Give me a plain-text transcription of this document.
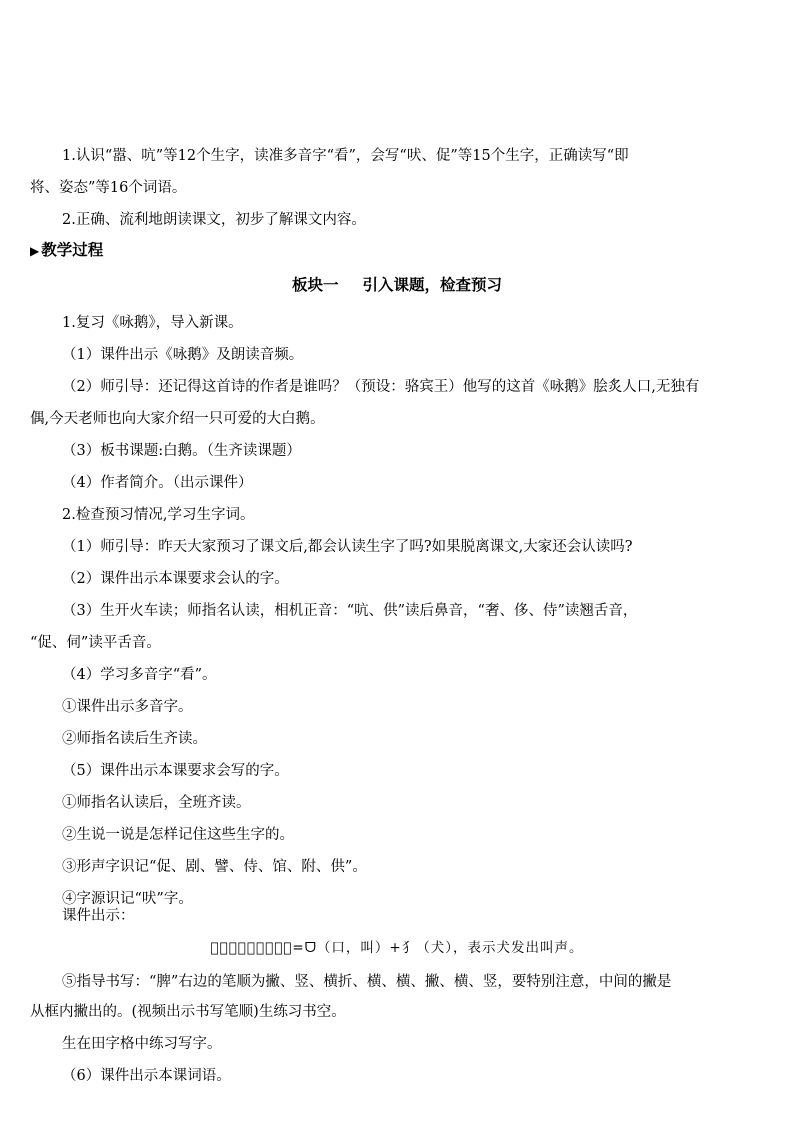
1.认识“嚣、吭”等12个生字，读准多音字“看”，会写“吠、促”等15个生字，正确读写“即

将、姿态”等16个词语。

2.正确、流利地朗读课文，初步了解课文内容。

▶ 教学过程
板块一 引入课题，检查预习

1.复习《咏鹅》，导入新课。

（1）课件出示《咏鹅》及朗读音频。

（2）师引导：还记得这首诗的作者是谁吗？（预设：骆宾王）他写的这首《咏鹅》脍炙人口,无独有

偶,今天老师也向大家介绍一只可爱的大白鹅。

（3）板书课题:白鹅。（生齐读课题）

（4）作者简介。（出示课件）

2.检查预习情况,学习生字词。

（1）师引导：昨天大家预习了课文后,都会认读生字了吗?如果脱离课文,大家还会认读吗?

（2）课件出示本课要求会认的字。

（3）生开火车读；师指名认读，相机正音：“吭、供”读后鼻音，“奢、侈、侍”读翘舌音，

“促、伺”读平舌音。

（4）学习多音字“看”。

①课件出示多音字。

②师指名读后生齐读。

（5）课件出示本课要求会写的字。

①师指名认读后，全班齐读。

②生说一说是怎样记住这些生字的。

③形声字识记“促、剧、譬、侍、馆、附、供”。

④字源识记“吠”字。

课件出示：

𠴠，吠，会意字。𠴠=ᗜ（口，叫）+犭（犬），表示犬发出叫声。

⑤指导书写：“脾”右边的笔顺为撇、竖、横折、横、横、撇、横、竖，要特别注意，中间的撇是

从框内撇出的。(视频出示书写笔顺)生练习书空。

生在田字格中练习写字。

（6）课件出示本课词语。
